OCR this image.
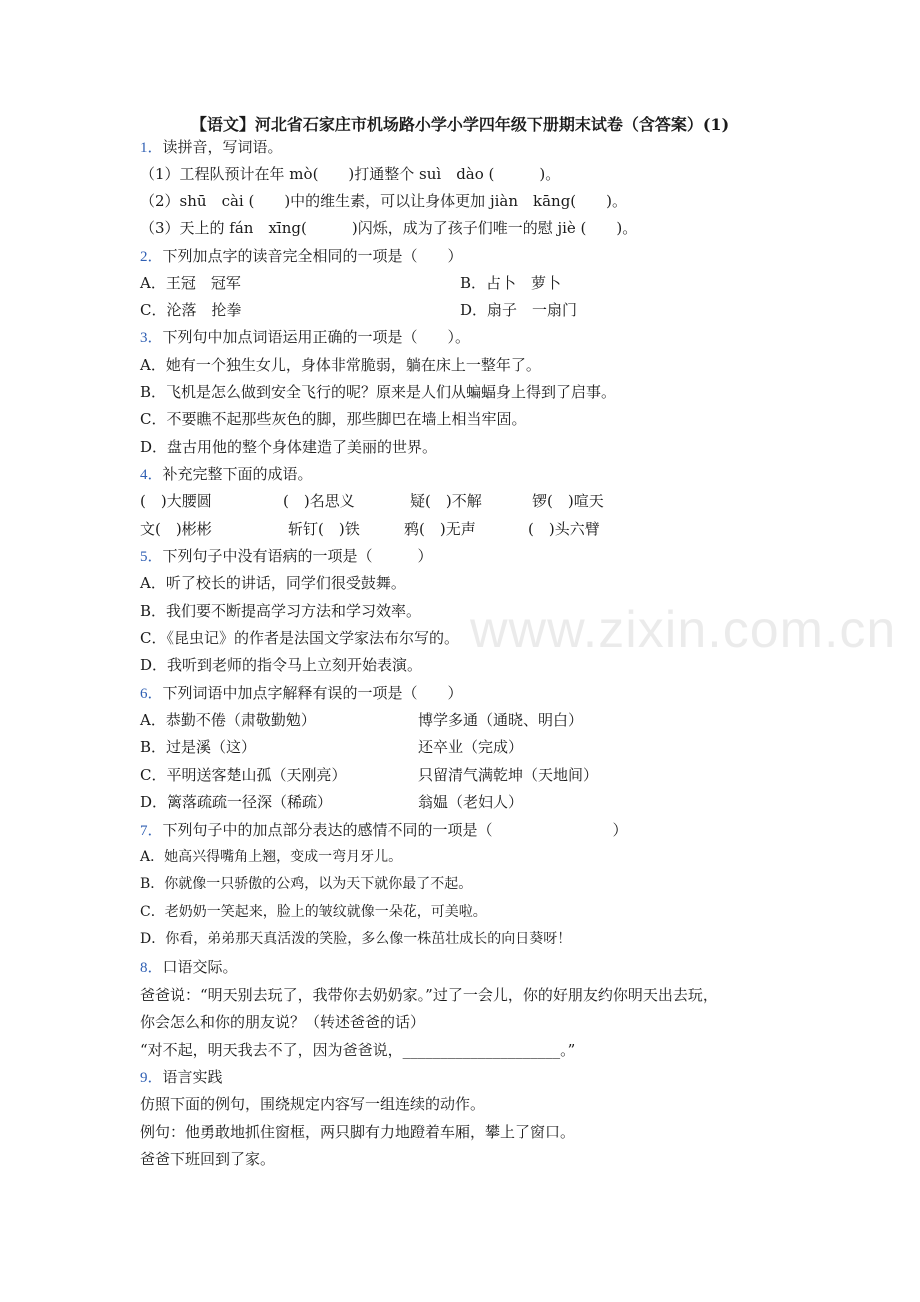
www.zixin.com.cn
【语文】河北省石家庄市机场路小学小学四年级下册期末试卷（含答案）(1)
1．读拼音，写词语。
（1）工程队预计在年 mò(　　)打通整个 suì　dào (　　　)。
（2）shū　cài (　　)中的维生素，可以让身体更加 jiàn　kāng(　　)。
（3）天上的 fán　xīng(　　　)闪烁，成为了孩子们唯一的慰 jiè (　　)。
2．下列加点字的读音完全相同的一项是（　　）
A．王冠　冠军	B．占卜　萝卜
C．沦落　抡拳	D．扇子　一扇门
3．下列句中加点词语运用正确的一项是（　　）。
A．她有一个独生女儿，身体非常脆弱，躺在床上一整年了。
B．飞机是怎么做到安全飞行的呢？原来是人们从蝙蝠身上得到了启事。
C．不要瞧不起那些灰色的脚，那些脚巴在墙上相当牢固。
D．盘古用他的整个身体建造了美丽的世界。
4．补充完整下面的成语。
(　)大腰圆	(　)名思义	疑(　)不解	锣(　)喧天
文(　)彬彬	斩钉(　)铁	鸦(　)无声	(　)头六臂
5．下列句子中没有语病的一项是（　　　）
A．听了校长的讲话，同学们很受鼓舞。
B．我们要不断提高学习方法和学习效率。
C．《昆虫记》的作者是法国文学家法布尔写的。
D．我听到老师的指令马上立刻开始表演。
6．下列词语中加点字解释有误的一项是（　　）
A．恭勤不倦（肃敬勤勉）	博学多通（通晓、明白）
B．过是溪（这）	还卒业（完成）
C．平明送客楚山孤（天刚亮）	只留清气满乾坤（天地间）
D．篱落疏疏一径深（稀疏）	翁媪（老妇人）
7．下列句子中的加点部分表达的感情不同的一项是（　　　　　　　　）
A．她高兴得嘴角上翘，变成一弯月牙儿。
B．你就像一只骄傲的公鸡，以为天下就你最了不起。
C．老奶奶一笑起来，脸上的皱纹就像一朵花，可美啦。
D．你看，弟弟那天真活泼的笑脸，多么像一株茁壮成长的向日葵呀！
8．口语交际。
爸爸说：“明天别去玩了，我带你去奶奶家。”过了一会儿，你的好朋友约你明天出去玩，
你会怎么和你的朋友说？（转述爸爸的话）
“对不起，明天我去不了，因为爸爸说，_____________________。”
9．语言实践
仿照下面的例句，围绕规定内容写一组连续的动作。
例句：他勇敢地抓住窗框，两只脚有力地蹬着车厢，攀上了窗口。
爸爸下班回到了家。
